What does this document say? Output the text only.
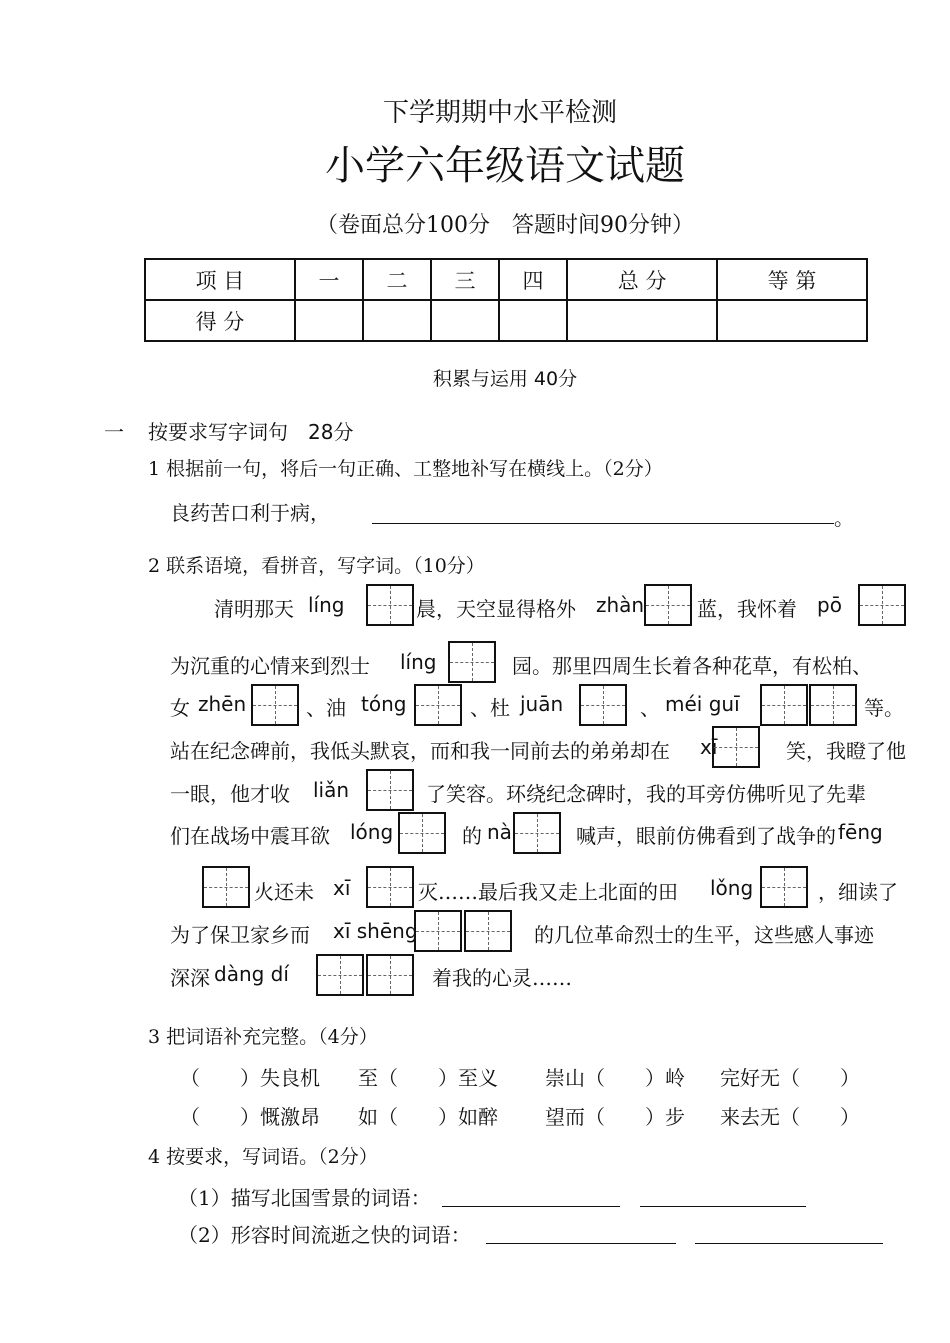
下学期期中水平检测
小学六年级语文试题
（卷面总分100分　答题时间90分钟）
项 目	一	二	三	四	总 分	等 第
得 分						
积累与运用 40分
一 按要求写字词句　28分
1 根据前一句，将后一句正确、工整地补写在横线上。（2分）
良药苦口利于病，	。
2 联系语境，看拼音，写字词。（10分）
清明那天 líng	晨，天空显得格外 zhàn	蓝，我怀着 pō
为沉重的心情来到烈士 líng	园。那里四周生长着各种花草，有松柏、
女 zhēn	、油 tóng	、杜 juān	、 méi guī	等。
站在纪念碑前，我低头默哀，而和我一同前去的弟弟却在 xī	笑，我瞪了他
一眼，他才收 liǎn	了笑容。环绕纪念碑时，我的耳旁仿佛听见了先辈
们在战场中震耳欲 lóng	的 nà	喊声，眼前仿佛看到了战争的 fēng
火还未 xī	灭……最后我又走上北面的田 lǒng	，细读了
为了保卫家乡而 xī shēng	的几位革命烈士的生平，这些感人事迹
深深 dàng dí	着我的心灵……
3 把词语补充完整。（4分）
（　　）失良机 至（　　）至义 崇山（　　）岭 完好无（　　）
（　　）慨激昂 如（　　）如醉 望而（　　）步 来去无（　　）
4 按要求，写词语。（2分）
（1）描写北国雪景的词语：
（2）形容时间流逝之快的词语：
